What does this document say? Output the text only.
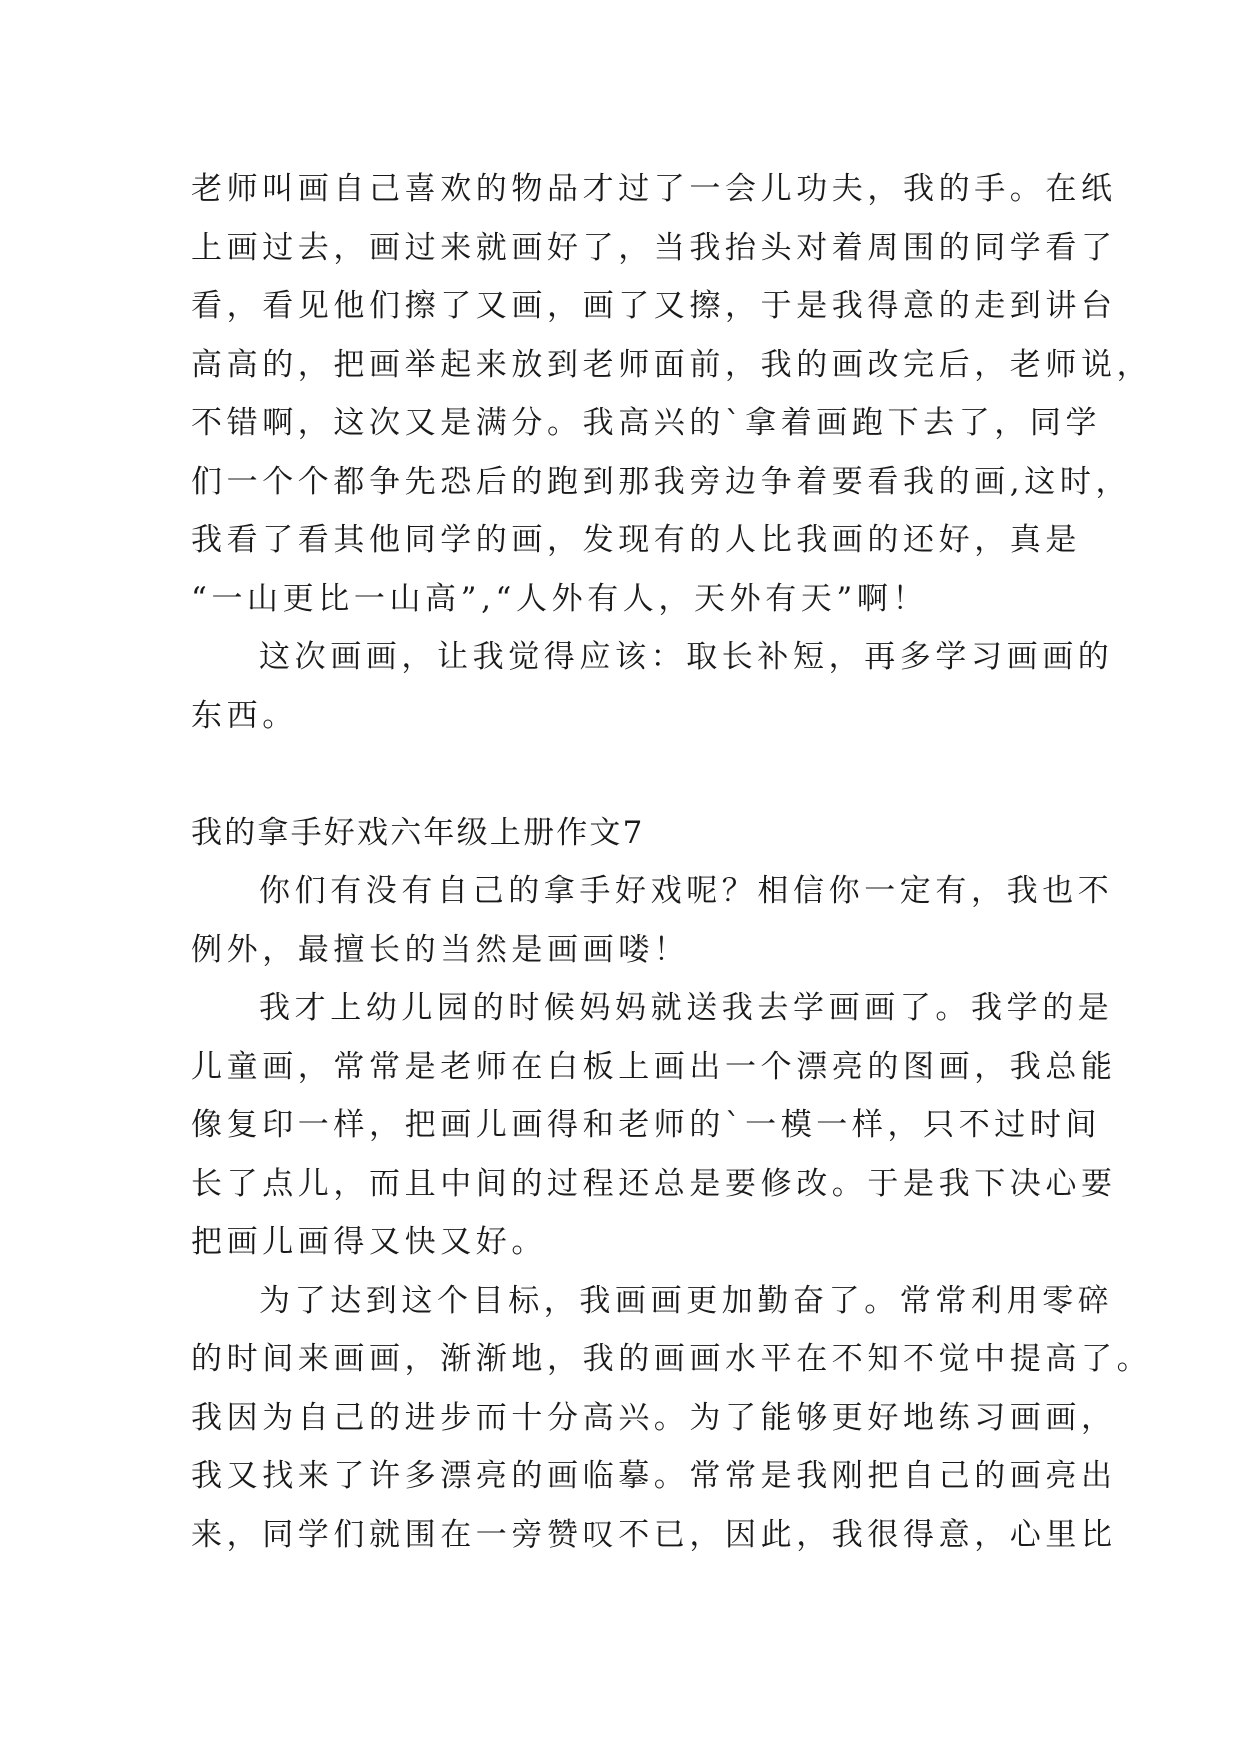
老师叫画自己喜欢的物品才过了一会儿功夫，我的手。在纸
上画过去，画过来就画好了，当我抬头对着周围的同学看了
看，看见他们擦了又画，画了又擦，于是我得意的走到讲台
高高的，把画举起来放到老师面前，我的画改完后，老师说，
不错啊，这次又是满分。我高兴的`拿着画跑下去了，同学
们一个个都争先恐后的跑到那我旁边争着要看我的画,这时，
我看了看其他同学的画，发现有的人比我画的还好，真是
“一山更比一山高”,“人外有人，天外有天”啊！
这次画画，让我觉得应该：取长补短，再多学习画画的
东西。
我的拿手好戏六年级上册作文7
你们有没有自己的拿手好戏呢？相信你一定有，我也不
例外，最擅长的当然是画画喽！
我才上幼儿园的时候妈妈就送我去学画画了。我学的是
儿童画，常常是老师在白板上画出一个漂亮的图画，我总能
像复印一样，把画儿画得和老师的`一模一样，只不过时间
长了点儿，而且中间的过程还总是要修改。于是我下决心要
把画儿画得又快又好。
为了达到这个目标，我画画更加勤奋了。常常利用零碎
的时间来画画，渐渐地，我的画画水平在不知不觉中提高了。
我因为自己的进步而十分高兴。为了能够更好地练习画画，
我又找来了许多漂亮的画临摹。常常是我刚把自己的画亮出
来，同学们就围在一旁赞叹不已，因此，我很得意，心里比
